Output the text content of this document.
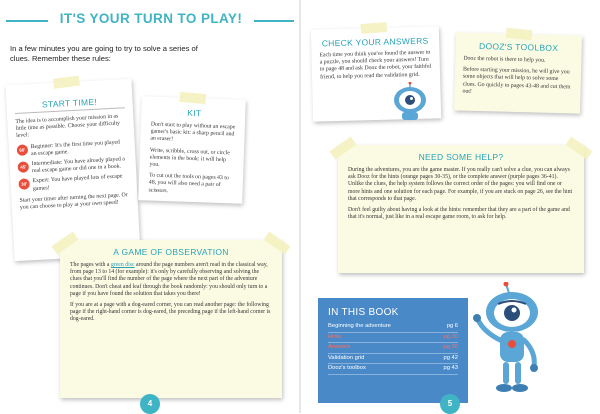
IT'S YOUR TURN TO PLAY!
In a few minutes you are going to try to solve a series of clues. Remember these rules:
START TIME!

The idea is to accomplish your mission in as little time as possible. Choose your difficulty level:

60' Beginner: It's the first time you played an escape game.

45' Intermediate: You have already played a real escape game or did one in a book.

30' Expert: You have played lots of escape games!

Start your timer after turning the next page. Or you can choose to play at your own speed!

KIT

Don't start to play without an escape gamer's basic kit: a sharp pencil and an eraser!

Write, scribble, cross out, or circle elements in the book: it will help you.

To cut out the tools on pages 43 to 48, you will also need a pair of scissors.

A GAME OF OBSERVATION

The pages with a green disc around the page numbers aren't read in the classical way, from page 13 to 14 (for example): it's only by carefully observing and solving the clues that you'll find the number of the page where the next part of the adventure continues. Don't cheat and leaf through the book randomly: you should only turn to a page if you have found the solution that takes you there!

If you are at a page with a dog-eared corner, you can read another page: the following page if the right-hand corner is dog-eared, the preceding page if the left-hand corner is dog-eared.

4
CHECK YOUR ANSWERS

Each time you think you've found the answer to a puzzle, you should check your answers! Turn to page 48 and ask Dooz the robot, your faithful friend, to help you read the validation grid.

DOOZ'S TOOLBOX

Dooz the robot is there to help you.

Before starting your mission, he will give you some objects that will help to solve some clues. Go quickly to pages 43-48 and cut them out!

NEED SOME HELP?

During the adventures, you are the game master. If you really can't solve a clue, you can always ask Dooz for the hints (orange pages 30-35), or the complete answer (purple pages 36-41). Unlike the clues, the help system follows the correct order of the pages: you will find one or more hints and one solution for each page. For example, if you are stuck on page 26, see the hint that corresponds to that page.

Don't feel guilty about having a look at the hints: remember that they are a part of the game and that it's normal, just like in a real escape game room, to ask for help.

IN THIS BOOK
Beginning the adventure	pg 6
Hints	pg 30
Answers	pg 36
Validation grid	pg 42
Dooz's toolbox	pg 43
5
